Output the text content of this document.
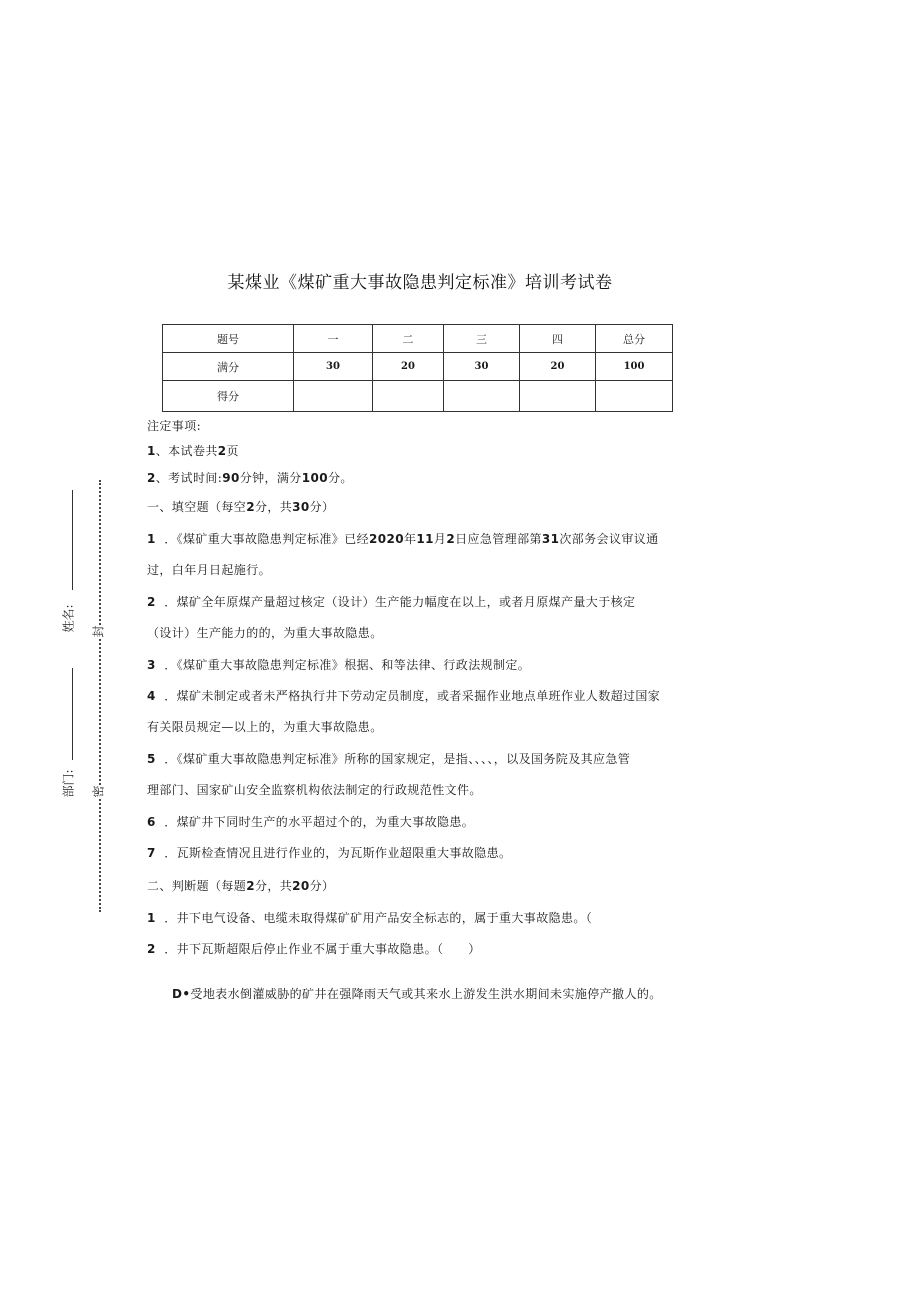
某煤业《煤矿重大事故隐患判定标准》培训考试卷
题号	一	二	三	四	总分
满分	30	20	30	20	100
得分					
注定事项:
1、本试卷共2页
2、考试时间:90分钟，满分100分。
一、填空题（每空2分，共30分）
1 ．《煤矿重大事故隐患判定标准》已经2020年11月2日应急管理部第31次部务会议审议通
过，白年月日起施行。
2 ．煤矿全年原煤产量超过核定（设计）生产能力幅度在以上，或者月原煤产量大于核定
（设计）生产能力的的，为重大事故隐患。
3 ．《煤矿重大事故隐患判定标准》根据、和等法律、行政法规制定。
4 ．煤矿未制定或者未严格执行井下劳动定员制度，或者采掘作业地点单班作业人数超过国家
有关限员规定—以上的，为重大事故隐患。
5 ．《煤矿重大事故隐患判定标准》所称的国家规定，是指、、、、，以及国务院及其应急管
理部门、国家矿山安全监察机构依法制定的行政规范性文件。
6 ．煤矿井下同时生产的水平超过个的，为重大事故隐患。
7 ．瓦斯检查情况且进行作业的，为瓦斯作业超限重大事故隐患。
二、判断题（每题2分，共20分）
1 ．井下电气设备、电缆未取得煤矿矿用产品安全标志的，属于重大事故隐患。（
2 ．井下瓦斯超限后停止作业不属于重大事故隐患。（　　）
D•受地表水倒灌威胁的矿井在强降雨天气或其来水上游发生洪水期间未实施停产撤人的。
姓名:
部门:
封
密
